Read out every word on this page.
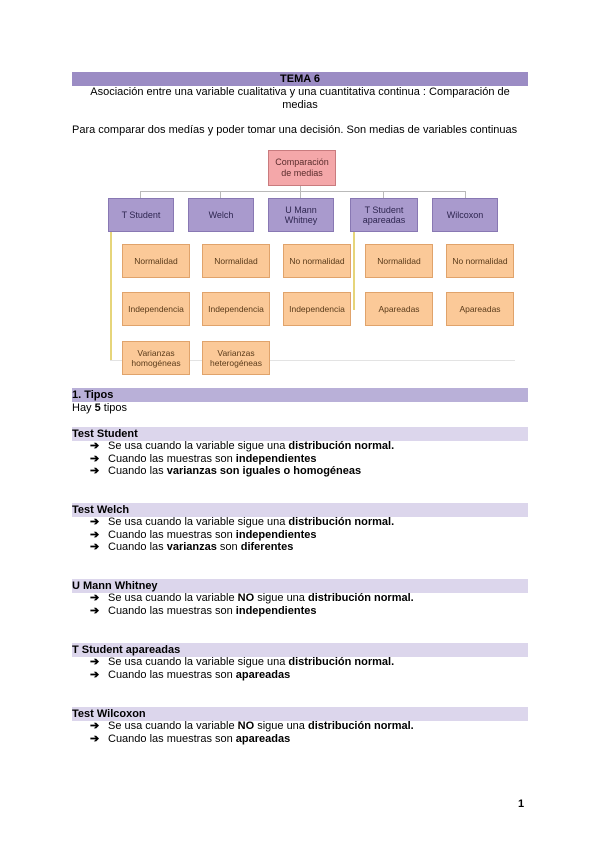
TEMA 6
Asociación entre una variable cualitativa y una cuantitativa continua : Comparación de medias
Para comparar dos medías y poder tomar una decisión. Son medias de variables continuas
Comparación de medias
T Student	Welch	U Mann Whitney
T Student apareadas	Wilcoxon
Normalidad
Independencia
Varianzas homogéneas
Normalidad
Independencia
Varianzas heterogéneas
No normalidad
Independencia
Normalidad
Apareadas
No normalidad
Apareadas
1. Tipos
Hay 5 tipos
Test Student
➔ Se usa cuando la variable sigue una distribución normal.
➔ Cuando las muestras son independientes
➔ Cuando las varianzas son iguales o homogéneas
Test Welch
➔ Se usa cuando la variable sigue una distribución normal.
➔ Cuando las muestras son independientes
➔ Cuando las varianzas son diferentes
U Mann Whitney
➔ Se usa cuando la variable NO sigue una distribución normal.
➔ Cuando las muestras son independientes
T Student apareadas
➔ Se usa cuando la variable sigue una distribución normal.
➔ Cuando las muestras son apareadas
Test Wilcoxon
➔ Se usa cuando la variable NO sigue una distribución normal.
➔ Cuando las muestras son apareadas
1
